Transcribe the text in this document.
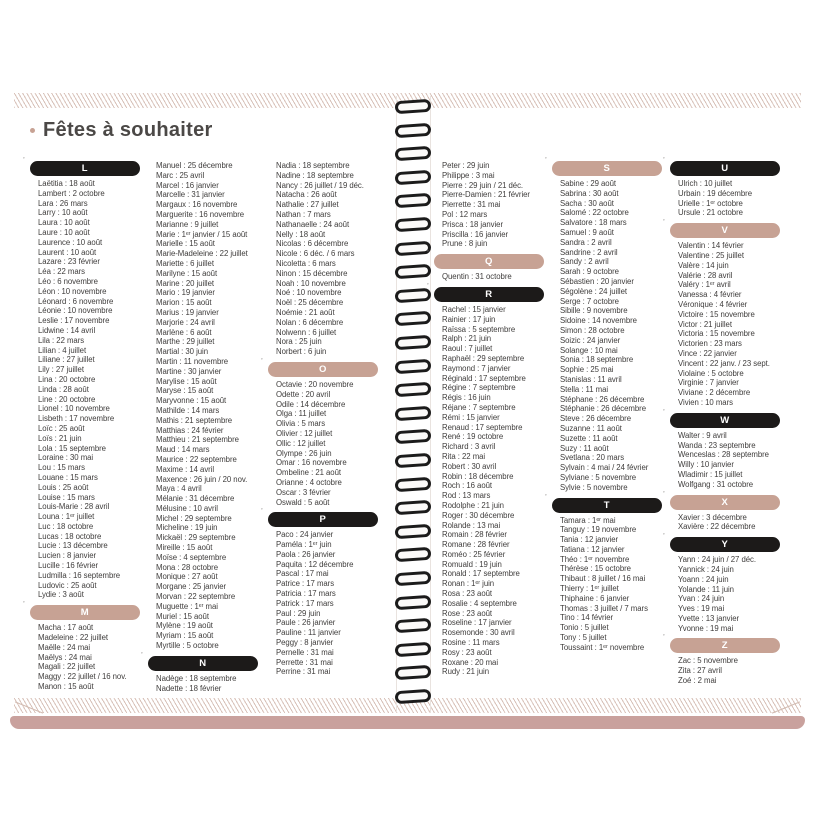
Fêtes à souhaiter
’
L
Laëtitia : 18 août
Lambert : 2 octobre
Lara : 26 mars
Larry : 10 août
Laura : 10 août
Laure : 10 août
Laurence : 10 août
Laurent : 10 août
Lazare : 23 février
Léa : 22 mars
Léo : 6 novembre
Léon : 10 novembre
Léonard : 6 novembre
Léonie : 10 novembre
Leslie : 17 novembre
Lidwine : 14 avril
Lila : 22 mars
Lilian : 4 juillet
Liliane : 27 juillet
Lily : 27 juillet
Lina : 20 octobre
Linda : 28 août
Line : 20 octobre
Lionel : 10 novembre
Lisbeth : 17 novembre
Loïc : 25 août
Loïs : 21 juin
Lola : 15 septembre
Loraine : 30 mai
Lou : 15 mars
Louane : 15 mars
Louis : 25 août
Louise : 15 mars
Louis-Marie : 28 avril
Louna : 1ᵉʳ juillet
Luc : 18 octobre
Lucas : 18 octobre
Lucie : 13 décembre
Lucien : 8 janvier
Lucille : 16 février
Ludmilla : 16 septembre
Ludovic : 25 août
Lydie : 3 août
’
M
Macha : 17 août
Madeleine : 22 juillet
Maëlle : 24 mai
Maëlys : 24 mai
Magali : 22 juillet
Maggy : 22 juillet / 16 nov.
Manon : 15 août
Manuel : 25 décembre
Marc : 25 avril
Marcel : 16 janvier
Marcelle : 31 janvier
Margaux : 16 novembre
Marguerite : 16 novembre
Marianne : 9 juillet
Marie : 1ᵉʳ janvier / 15 août
Marielle : 15 août
Marie-Madeleine : 22 juillet
Mariette : 6 juillet
Marilyne : 15 août
Marine : 20 juillet
Mario : 19 janvier
Marion : 15 août
Marius : 19 janvier
Marjorie : 24 avril
Marlène : 6 août
Marthe : 29 juillet
Martial : 30 juin
Martin : 11 novembre
Martine : 30 janvier
Marylise : 15 août
Maryse : 15 août
Maryvonne : 15 août
Mathilde : 14 mars
Mathis : 21 septembre
Matthias : 24 février
Matthieu : 21 septembre
Maud : 14 mars
Maurice : 22 septembre
Maxime : 14 avril
Maxence : 26 juin / 20 nov.
Maya : 4 avril
Mélanie : 31 décembre
Mélusine : 10 avril
Michel : 29 septembre
Micheline : 19 juin
Mickaël : 29 septembre
Mireille : 15 août
Moïse : 4 septembre
Mona : 28 octobre
Monique : 27 août
Morgane : 25 janvier
Morvan : 22 septembre
Muguette : 1ᵉʳ mai
Muriel : 15 août
Mylène : 19 août
Myriam : 15 août
Myrtille : 5 octobre
’
N
Nadège : 18 septembre
Nadette : 18 février
Nadia : 18 septembre
Nadine : 18 septembre
Nancy : 26 juillet / 19 déc.
Natacha : 26 août
Nathalie : 27 juillet
Nathan : 7 mars
Nathanaelle : 24 août
Nelly : 18 août
Nicolas : 6 décembre
Nicole : 6 déc. / 6 mars
Nicoletta : 6 mars
Ninon : 15 décembre
Noah : 10 novembre
Noé : 10 novembre
Noël : 25 décembre
Noémie : 21 août
Nolan : 6 décembre
Nolwenn : 6 juillet
Nora : 25 juin
Norbert : 6 juin
’
O
Octavie : 20 novembre
Odette : 20 avril
Odile : 14 décembre
Olga : 11 juillet
Olivia : 5 mars
Olivier : 12 juillet
Ollic : 12 juillet
Olympe : 26 juin
Omar : 16 novembre
Ombeline : 21 août
Orianne : 4 octobre
Oscar : 3 février
Oswald : 5 août
’
P
Paco : 24 janvier
Paméla : 1ᵉʳ juin
Paola : 26 janvier
Paquita : 12 décembre
Pascal : 17 mai
Patrice : 17 mars
Patricia : 17 mars
Patrick : 17 mars
Paul : 29 juin
Paule : 26 janvier
Pauline : 11 janvier
Peggy : 8 janvier
Pernelle : 31 mai
Perrette : 31 mai
Perrine : 31 mai
Peter : 29 juin
Philippe : 3 mai
Pierre : 29 juin / 21 déc.
Pierre-Damien : 21 février
Pierrette : 31 mai
Pol : 12 mars
Prisca : 18 janvier
Priscilla : 16 janvier
Prune : 8 juin
’
Q
Quentin : 31 octobre
’
R
Rachel : 15 janvier
Rainier : 17 juin
Raïssa : 5 septembre
Ralph : 21 juin
Raoul : 7 juillet
Raphaël : 29 septembre
Raymond : 7 janvier
Réginald : 17 septembre
Régine : 7 septembre
Régis : 16 juin
Réjane : 7 septembre
Rémi : 15 janvier
Renaud : 17 septembre
René : 19 octobre
Richard : 3 avril
Rita : 22 mai
Robert : 30 avril
Robin : 18 décembre
Roch : 16 août
Rod : 13 mars
Rodolphe : 21 juin
Roger : 30 décembre
Rolande : 13 mai
Romain : 28 février
Romane : 28 février
Roméo : 25 février
Romuald : 19 juin
Ronald : 17 septembre
Ronan : 1ᵉʳ juin
Rosa : 23 août
Rosalie : 4 septembre
Rose : 23 août
Roseline : 17 janvier
Rosemonde : 30 avril
Rosine : 11 mars
Rosy : 23 août
Roxane : 20 mai
Rudy : 21 juin
’
S
Sabine : 29 août
Sabrina : 30 août
Sacha : 30 août
Salomé : 22 octobre
Salvatore : 18 mars
Samuel : 9 août
Sandra : 2 avril
Sandrine : 2 avril
Sandy : 2 avril
Sarah : 9 octobre
Sébastien : 20 janvier
Ségolène : 24 juillet
Serge : 7 octobre
Sibille : 9 novembre
Sidoine : 14 novembre
Simon : 28 octobre
Soizic : 24 janvier
Solange : 10 mai
Sonia : 18 septembre
Sophie : 25 mai
Stanislas : 11 avril
Stella : 11 mai
Stéphane : 26 décembre
Stéphanie : 26 décembre
Steve : 26 décembre
Suzanne : 11 août
Suzette : 11 août
Suzy : 11 août
Svetlana : 20 mars
Sylvain : 4 mai / 24 février
Sylviane : 5 novembre
Sylvie : 5 novembre
’
T
Tamara : 1ᵉʳ mai
Tanguy : 19 novembre
Tania : 12 janvier
Tatiana : 12 janvier
Théo : 1ᵉʳ novembre
Thérèse : 15 octobre
Thibaut : 8 juillet / 16 mai
Thierry : 1ᵉʳ juillet
Thiphaine : 6 janvier
Thomas : 3 juillet / 7 mars
Tino : 14 février
Tonio : 5 juillet
Tony : 5 juillet
Toussaint : 1ᵉʳ novembre
’
U
Ulrich : 10 juillet
Urbain : 19 décembre
Urielle : 1ᵉʳ octobre
Ursule : 21 octobre
’
V
Valentin : 14 février
Valentine : 25 juillet
Valère : 14 juin
Valérie : 28 avril
Valéry : 1ᵉʳ avril
Vanessa : 4 février
Véronique : 4 février
Victoire : 15 novembre
Victor : 21 juillet
Victoria : 15 novembre
Victorien : 23 mars
Vince : 22 janvier
Vincent : 22 janv. / 23 sept.
Violaine : 5 octobre
Virginie : 7 janvier
Viviane : 2 décembre
Vivien : 10 mars
’
W
Walter : 9 avril
Wanda : 23 septembre
Wenceslas : 28 septembre
Willy : 10 janvier
Wladimir : 15 juillet
Wolfgang : 31 octobre
’
X
Xavier : 3 décembre
Xavière : 22 décembre
’
Y
Yann : 24 juin / 27 déc.
Yannick : 24 juin
Yoann : 24 juin
Yolande : 11 juin
Yvan : 24 juin
Yves : 19 mai
Yvette : 13 janvier
Yvonne : 19 mai
’
Z
Zac : 5 novembre
Zita : 27 avril
Zoé : 2 mai
